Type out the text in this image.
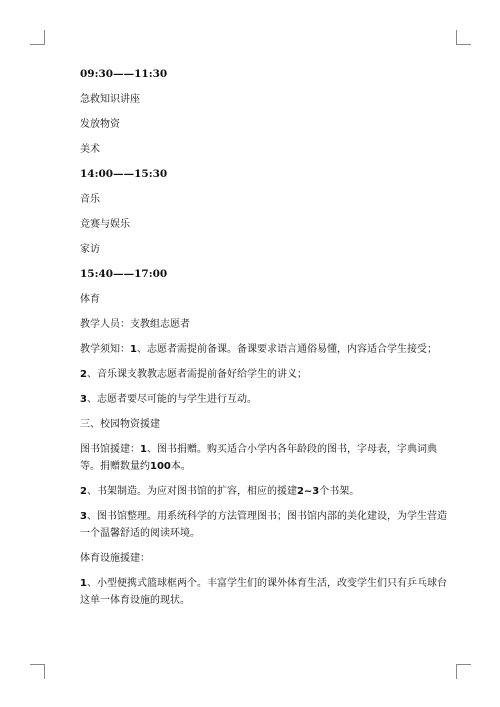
09:30——11:30

急救知识讲座

发放物资

美术

14:00——15:30

音乐

竞赛与娱乐

家访

15:40——17:00

体育

教学人员：支教组志愿者

教学须知：1、志愿者需提前备课。备课要求语言通俗易懂，内容适合学生接受；

2、音乐课支教教志愿者需提前备好给学生的讲义；

3、志愿者要尽可能的与学生进行互动。

三、校园物资援建

图书馆援建：1、图书捐赠。购买适合小学内各年龄段的图书，字母表，字典词典等。捐赠数量约100本。

2、书架制造。为应对图书馆的扩容，相应的援建2~3个书架。

3、图书馆整理。用系统科学的方法管理图书；图书馆内部的美化建设，为学生营造一个温馨舒适的阅读环境。

体育设施援建：

1、小型便携式篮球框两个。丰富学生们的课外体育生活，改变学生们只有乒乓球台这单一体育设施的现状。
